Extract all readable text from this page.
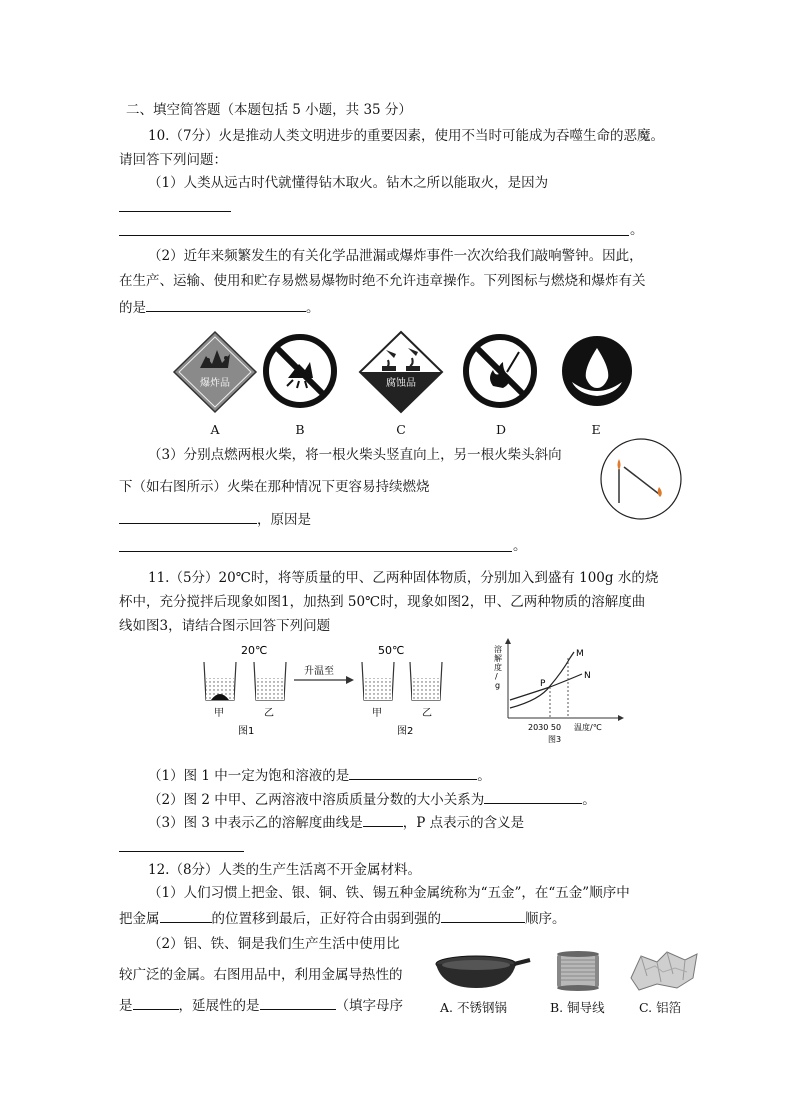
二、填空简答题（本题包括 5 小题，共 35 分）
10.（7分）火是推动人类文明进步的重要因素，使用不当时可能成为吞噬生命的恶魔。
请回答下列问题：
（1）人类从远古时代就懂得钻木取火。钻木之所以能取火，是因为
。
（2）近年来频繁发生的有关化学品泄漏或爆炸事件一次次给我们敲响警钟。因此，
在生产、运输、使用和贮存易燃易爆物时绝不允许违章操作。下列图标与燃烧和爆炸有关
的是	。
爆炸品	腐蚀品
A	B	C	D	E
（3）分别点燃两根火柴，将一根火柴头竖直向上，另一根火柴头斜向
下（如右图所示）火柴在那种情况下更容易持续燃烧
，原因是
。
11.（5分）20℃时，将等质量的甲、乙两种固体物质，分别加入到盛有 100g 水的烧
杯中，充分搅拌后现象如图1，加热到 50℃时，现象如图2，甲、乙两种物质的溶解度曲
线如图3，请结合图示回答下列问题
20℃
升温至
50℃
甲	乙	甲	乙
图1	图2
溶
解
度
/
g
M
N
P
2030 50 温度/℃
图3
（1）图 1 中一定为饱和溶液的是	。
（2）图 2 中甲、乙两溶液中溶质质量分数的大小关系为	。
（3）图 3 中表示乙的溶解度曲线是	，P 点表示的含义是
12.（8分）人类的生产生活离不开金属材料。
（1）人们习惯上把金、银、铜、铁、锡五种金属统称为“五金”，在“五金”顺序中
把金属	的位置移到最后，正好符合由弱到强的	顺序。
（2）铝、铁、铜是我们生产生活中使用比
较广泛的金属。右图用品中，利用金属导热性的
是	，延展性的是	（填字母序	A. 不锈钢锅	B. 铜导线	C. 铝箔
